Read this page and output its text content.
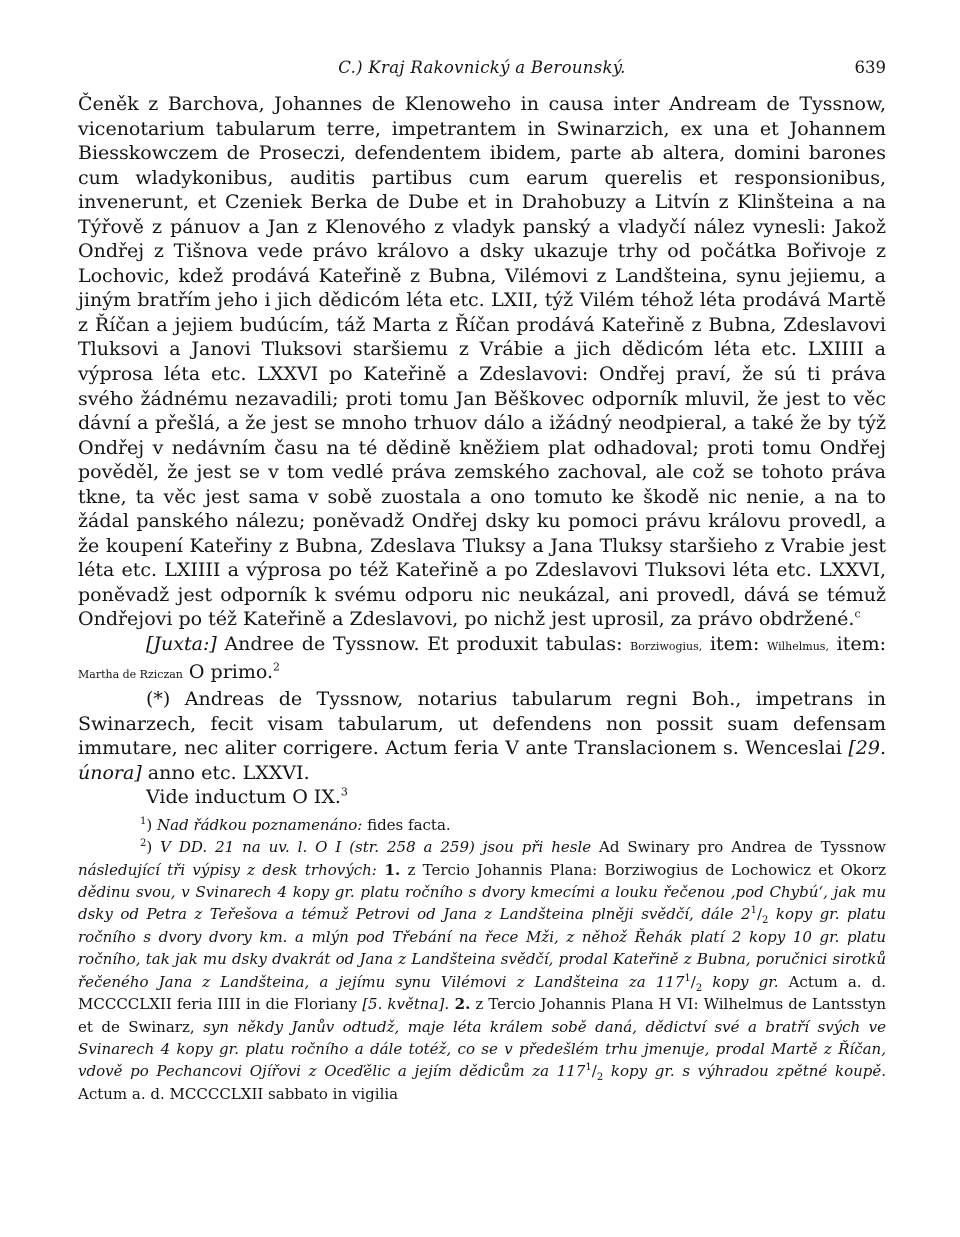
C.) Kraj Rakovnický a Berounský.	639

Čeněk z Barchova, Johannes de Klenoweho in causa inter Andream de Tyssnow, vicenotarium tabularum terre, impetrantem in Swinarzich, ex una et Johannem Biesskowczem de Proseczi, defendentem ibidem, parte ab altera, domini barones cum wladykonibus, auditis partibus cum earum querelis et responsionibus, invenerunt, et Czeniek Berka de Dube et in Drahobuzy a Litvín z Klinšteina a na Týřově z pánuov a Jan z Klenového z vladyk panský a vladyčí nález vynesli: Jakož Ondřej z Tišnova vede právo královo a dsky ukazuje trhy od počátka Bořivoje z Lochovic, kdež prodává Kateřině z Bubna, Vilémovi z Landšteina, synu jejiemu, a jiným bratřím jeho i jich dědicóm léta etc. LXII, týž Vilém téhož léta prodává Martě z Říčan a jejiem budúcím, táž Marta z Říčan prodává Kateřině z Bubna, Zdeslavovi Tluksovi a Janovi Tluksovi staršiemu z Vrábie a jich dědicóm léta etc. LXIIII a výprosa léta etc. LXXVI po Kateřině a Zdeslavovi: Ondřej praví, že sú ti práva svého žádnému nezavadili; proti tomu Jan Běškovec odporník mluvil, že jest to věc dávní a přešlá, a že jest se mnoho trhuov dálo a ižádný neodpieral, a také že by týž Ondřej v nedávním času na té dědině kněžiem plat odhadoval; proti tomu Ondřej pověděl, že jest se v tom vedlé práva zemského zachoval, ale což se tohoto práva tkne, ta věc jest sama v sobě zuostala a ono tomuto ke škodě nic nenie, a na to žádal panského nálezu; poněvadž Ondřej dsky ku pomoci právu královu provedl, a že koupení Kateřiny z Bubna, Zdeslava Tluksy a Jana Tluksy staršieho z Vrabie jest léta etc. LXIIII a výprosa po též Kateřině a po Zdeslavovi Tluksovi léta etc. LXXVI, poněvadž jest odporník k svému odporu nic neukázal, ani provedl, dává se témuž Ondřejovi po též Kateřině a Zdeslavovi, po nichž jest uprosil, za právo obdržené.$^c$

[Juxta:] Andree de Tyssnow. Et produxit tabulas: Borziwogius, item: Wilhelmus, item: Martha de Rziczan O primo.$^2$

(*) Andreas de Tyssnow, notarius tabularum regni Boh., impetrans in Swinarzech, fecit visam tabularum, ut defendens non possit suam defensam immutare, nec aliter corrigere. Actum feria V ante Translacionem s. Wenceslai [29. února] anno etc. LXXVI.

Vide inductum O IX.$^3$

$^1$) Nad řádkou poznamenáno: fides facta.

$^2$) V DD. 21 na uv. l. O I (str. 258 a 259) jsou při hesle Ad Swinary pro Andrea de Tyssnow následující tři výpisy z desk trhových: 1. z Tercio Johannis Plana: Borziwogius de Lochowicz et Okorz dědinu svou, v Svinarech 4 kopy gr. platu ročního s dvory kmecími a louku řečenou ‚pod Chybú‘, jak mu dsky od Petra z Teřešova a témuž Petrovi od Jana z Landšteina plněji svědčí, dále $2^1/_2$ kopy gr. platu ročního s dvory dvory km. a mlýn pod Třebání na řece Mži, z něhož Řehák platí 2 kopy 10 gr. platu ročního, tak jak mu dsky dvakrát od Jana z Landšteina svědčí, prodal Kateřině z Bubna, poručnici sirotků řečeného Jana z Landšteina, a jejímu synu Vilémovi z Landšteina za $117^1/_2$ kopy gr. Actum a. d. MCCCCLXII feria IIII in die Floriany [5. května]. 2. z Tercio Johannis Plana H VI: Wilhelmus de Lantsstyn et de Swinarz, syn někdy Janův odtudž, maje léta králem sobě daná, dědictví své a bratří svých ve Svinarech 4 kopy gr. platu ročního a dále totéž, co se v předešlém trhu jmenuje, prodal Martě z Říčan, vdově po Pechancovi Ojířovi z Oceďělic a jejím dědicům za $117^1/_2$ kopy gr. s výhradou zpětné koupě. Actum a. d. MCCCCLXII sabbato in vigilia
